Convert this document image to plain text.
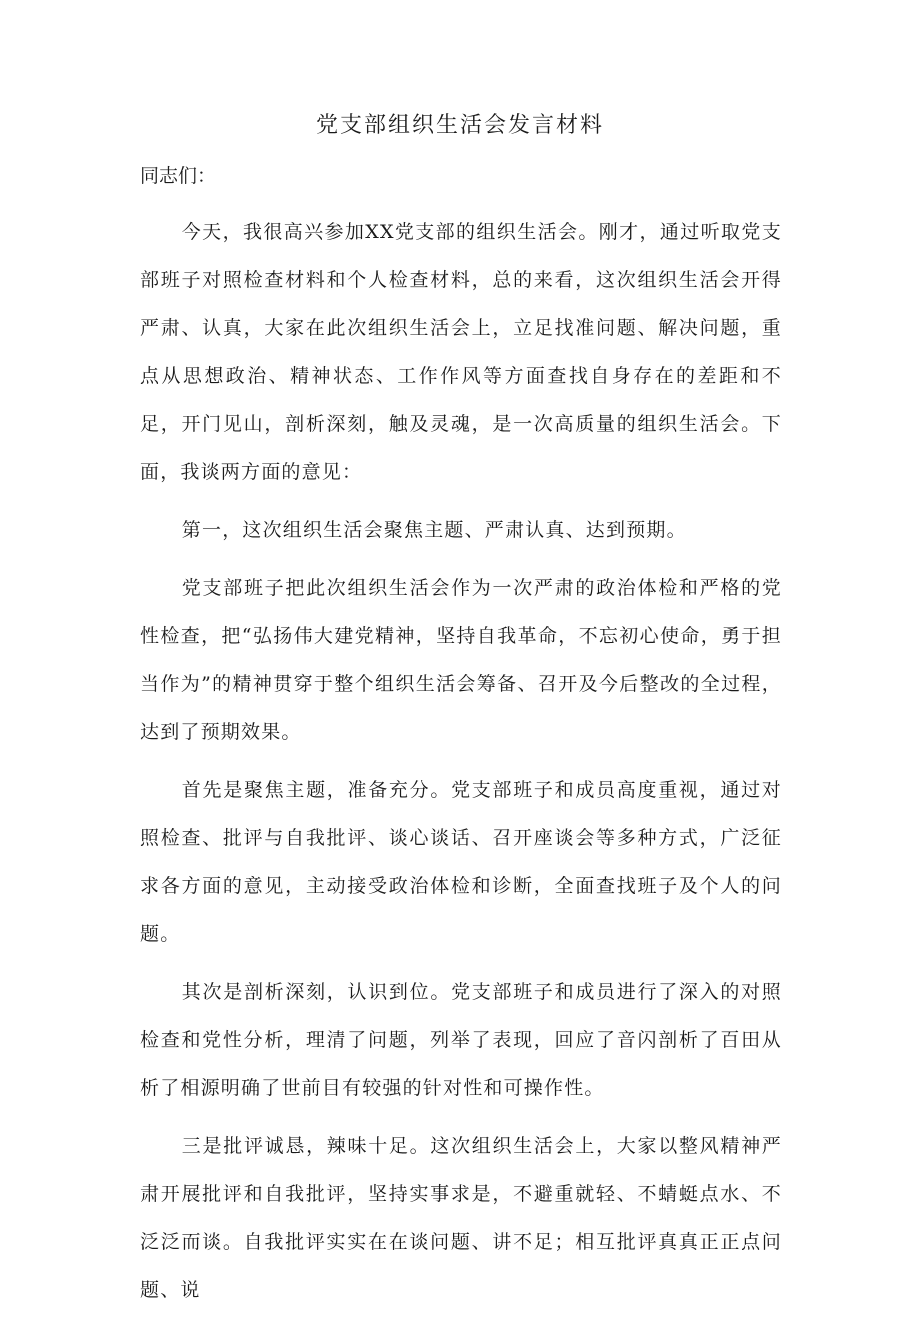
党支部组织生活会发言材料

同志们：

今天，我很高兴参加XX党支部的组织生活会。刚才，通过听取党支部班子对照检查材料和个人检查材料，总的来看，这次组织生活会开得严肃、认真，大家在此次组织生活会上，立足找准问题、解决问题，重点从思想政治、精神状态、工作作风等方面查找自身存在的差距和不足，开门见山，剖析深刻，触及灵魂，是一次高质量的组织生活会。下面，我谈两方面的意见：

第一，这次组织生活会聚焦主题、严肃认真、达到预期。

党支部班子把此次组织生活会作为一次严肃的政治体检和严格的党性检查，把“弘扬伟大建党精神，坚持自我革命，不忘初心使命，勇于担当作为”的精神贯穿于整个组织生活会筹备、召开及今后整改的全过程，达到了预期效果。

首先是聚焦主题，准备充分。党支部班子和成员高度重视，通过对照检查、批评与自我批评、谈心谈话、召开座谈会等多种方式，广泛征求各方面的意见，主动接受政治体检和诊断，全面查找班子及个人的问题。

其次是剖析深刻，认识到位。党支部班子和成员进行了深入的对照检查和党性分析，理清了问题，列举了表现，回应了音闪剖析了百田从析了相源明确了世前目有较强的针对性和可操作性。

三是批评诚恳，辣味十足。这次组织生活会上，大家以整风精神严肃开展批评和自我批评，坚持实事求是，不避重就轻、不蜻蜓点水、不泛泛而谈。自我批评实实在在谈问题、讲不足；相互批评真真正正点问题、说
